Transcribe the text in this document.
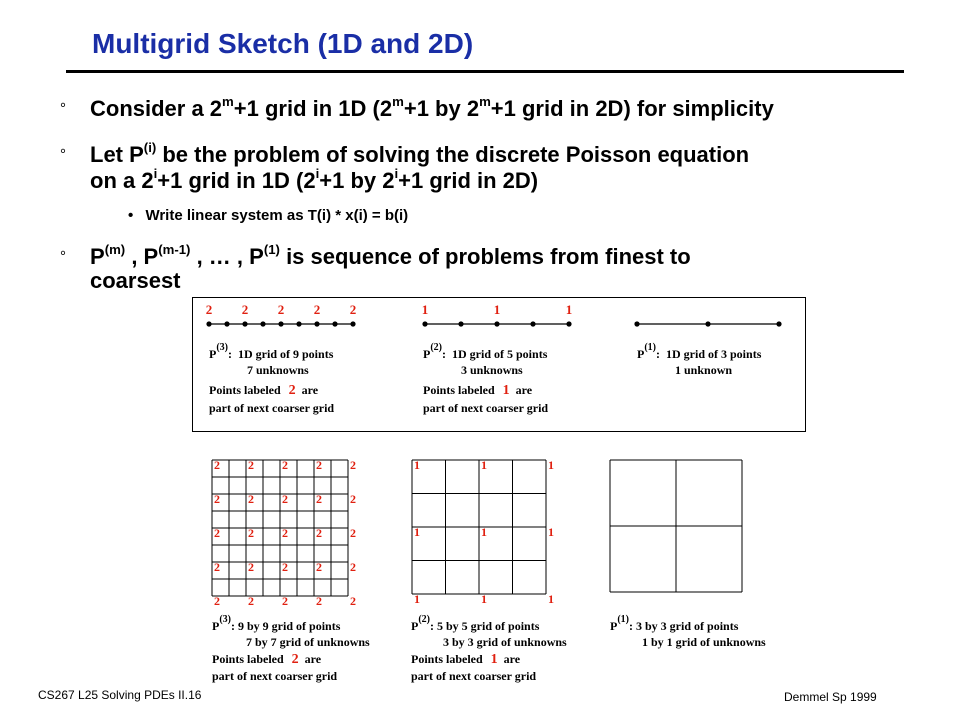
Multigrid Sketch (1D and 2D)
° Consider a $2^m+1$ grid in 1D ($2^m+1$ by $2^m+1$ grid in 2D) for simplicity
° Let $P^{(i)}$ be the problem of solving the discrete Poisson equation
on a $2^i+1$ grid in 1D ($2^i+1$ by $2^i+1$ grid in 2D)
• Write linear system as T(i) * x(i) = b(i)
° $P^{(m)}$ , $P^{(m-1)}$ , … , $P^{(1)}$ is sequence of problems from finest to
coarsest
2 2 2 2 2
$P^{(3)}$: 1D grid of 9 points
7 unknowns
Points labeled 2 are
part of next coarser grid
1	1	1
$P^{(2)}$: 1D grid of 5 points
3 unknowns
Points labeled 1 are
part of next coarser grid
$P^{(1)}$: 1D grid of 3 points
1 unknown
2 2 2 2 2
2 2 2 2 2
2 2 2 2 2
2 2 2 2 2
2 2 2 2 2
1	1	1
1	1	1
1	1	1
$P^{(3)}$: 9 by 9 grid of points
7 by 7 grid of unknowns
Points labeled 2 are
part of next coarser grid
$P^{(2)}$: 5 by 5 grid of points
3 by 3 grid of unknowns
Points labeled 1 are
part of next coarser grid
$P^{(1)}$: 3 by 3 grid of points
1 by 1 grid of unknowns
CS267 L25 Solving PDEs II.16	Demmel Sp 1999
